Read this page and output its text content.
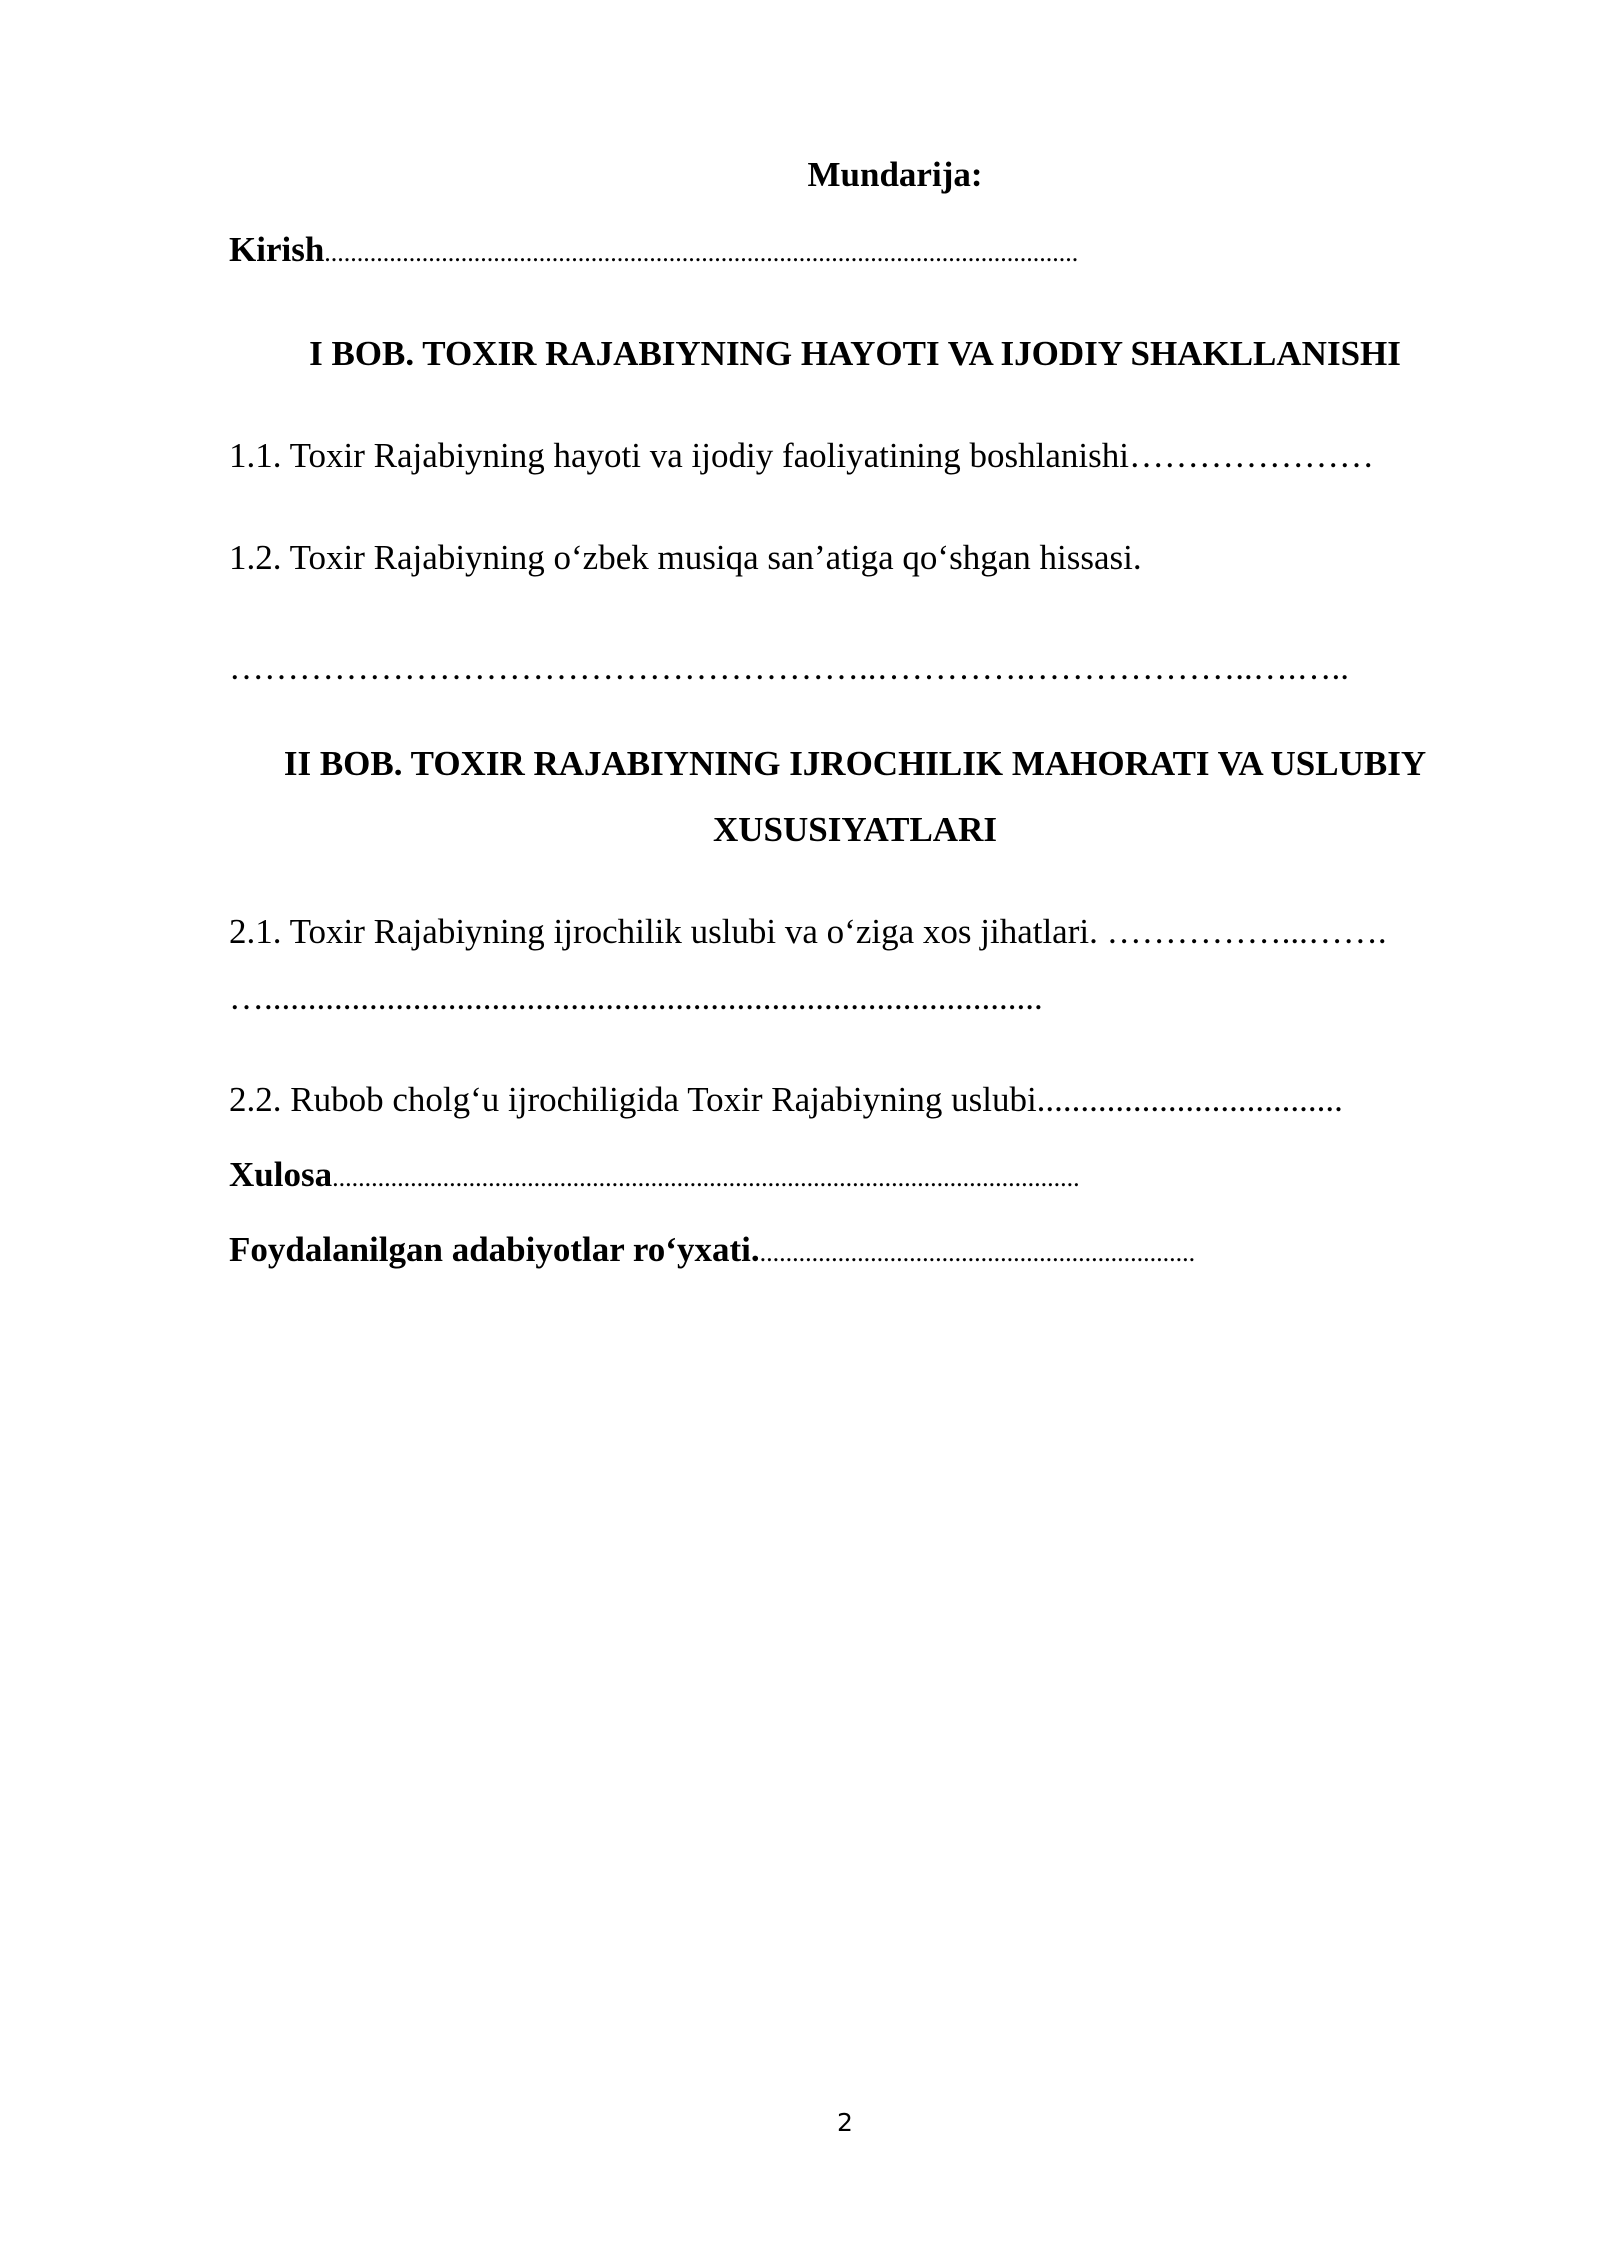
Mundarija:
Kirish....................................................................................................................
I BOB. TOXIR RAJABIYNING HAYOTI VA IJODIY SHAKLLANISHI
1.1. Toxir Rajabiyning hayoti va ijodiy faoliyatining boshlanishi…………………
1.2. Toxir Rajabiyning o‘zbek musiqa san’atiga qo‘shgan hissasi.
………………………………………………..………….………………..….…..
II BOB. TOXIR RAJABIYNING IJROCHILIK MAHORATI VA USLUBIY
XUSUSIYATLARI
2.1. Toxir Rajabiyning ijrochilik uslubi va o‘ziga xos jihatlari. ……………...…….
….........................................................................................
2.2. Rubob cholg‘u ijrochiligida Toxir Rajabiyning uslubi...................................
Xulosa...................................................................................................................
Foydalanilgan adabiyotlar ro‘yxati....................................................................
2
